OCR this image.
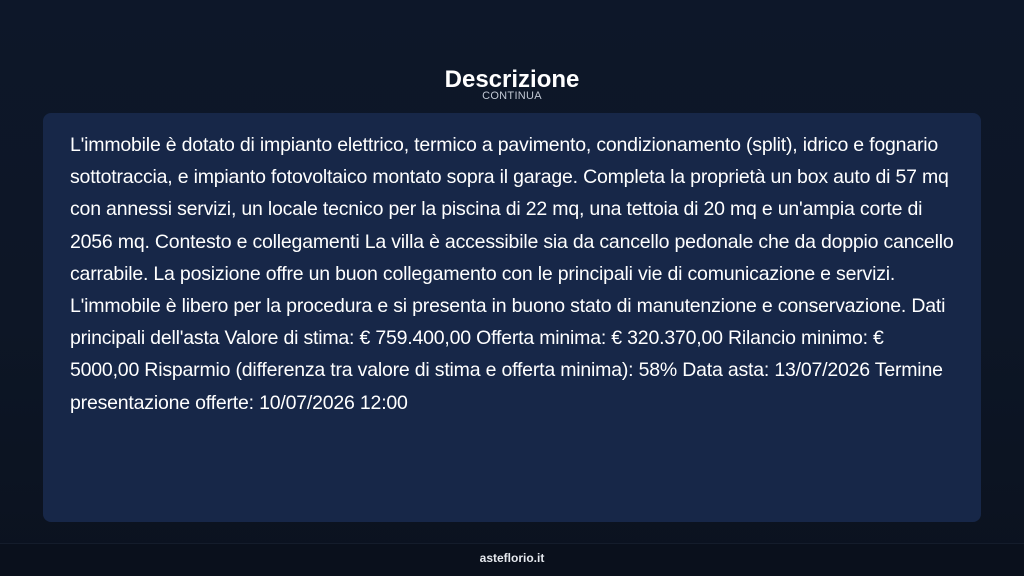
Descrizione
CONTINUA

L'immobile è dotato di impianto elettrico, termico a pavimento, condizionamento (split), idrico e fognario sottotraccia, e impianto fotovoltaico montato sopra il garage. Completa la proprietà un box auto di 57 mq con annessi servizi, un locale tecnico per la piscina di 22 mq, una tettoia di 20 mq e un'ampia corte di 2056 mq. Contesto e collegamenti La villa è accessibile sia da cancello pedonale che da doppio cancello carrabile. La posizione offre un buon collegamento con le principali vie di comunicazione e servizi. L'immobile è libero per la procedura e si presenta in buono stato di manutenzione e conservazione. Dati principali dell'asta Valore di stima: € 759.400,00 Offerta minima: € 320.370,00 Rilancio minimo: € 5000,00 Risparmio (differenza tra valore di stima e offerta minima): 58% Data asta: 13/07/2026 Termine presentazione offerte: 10/07/2026 12:00

asteflorio.it
